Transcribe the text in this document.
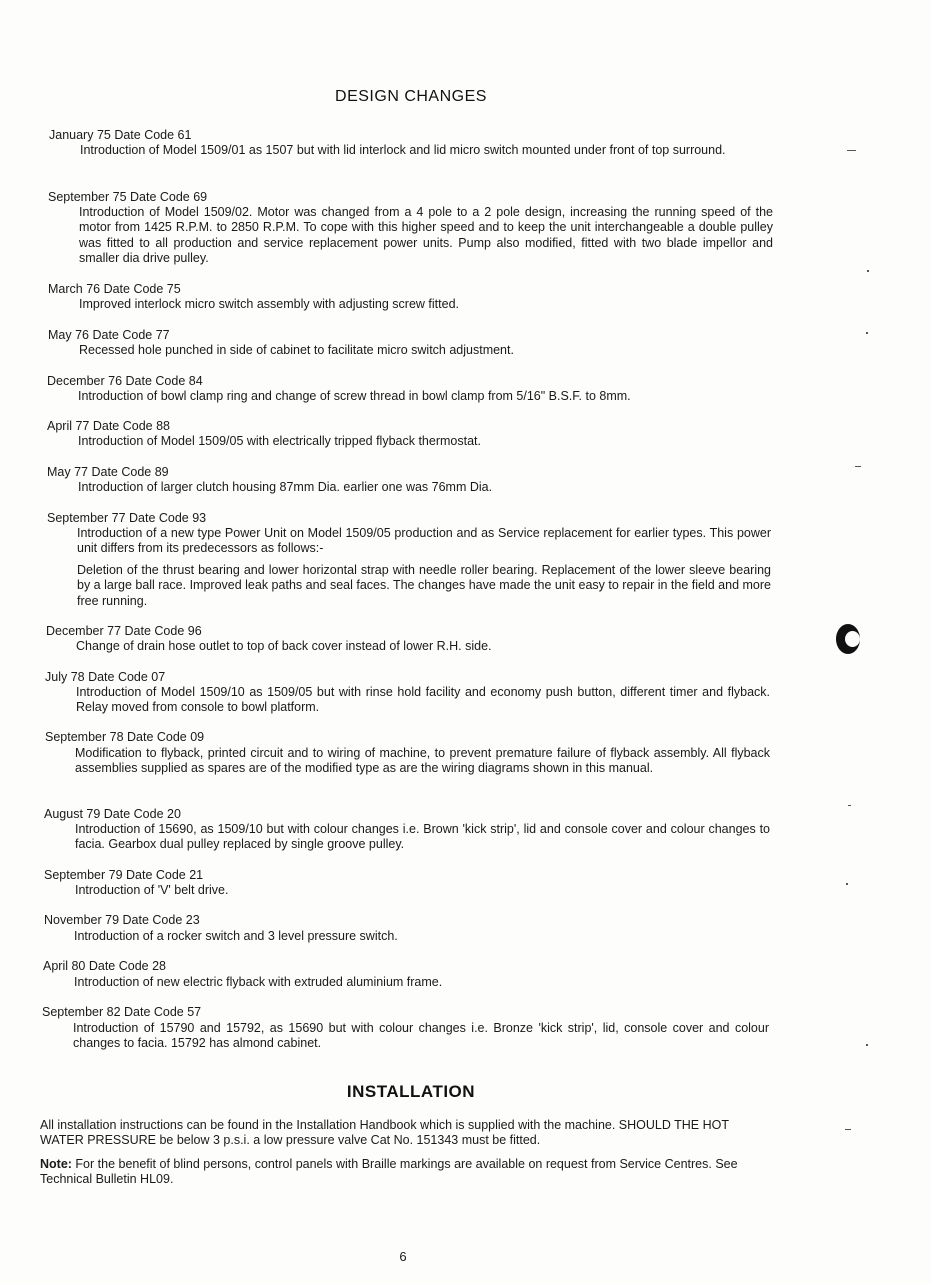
DESIGN CHANGES
January 75 Date Code 61
Introduction of Model 1509/01 as 1507 but with lid interlock and lid micro switch mounted under front of top surround.
September 75 Date Code 69
Introduction of Model 1509/02. Motor was changed from a 4 pole to a 2 pole design, increasing the running speed of the motor from 1425 R.P.M. to 2850 R.P.M. To cope with this higher speed and to keep the unit interchangeable a double pulley was fitted to all production and service replacement power units. Pump also modified, fitted with two blade impellor and smaller dia drive pulley.
March 76 Date Code 75
Improved interlock micro switch assembly with adjusting screw fitted.
May 76 Date Code 77
Recessed hole punched in side of cabinet to facilitate micro switch adjustment.
December 76 Date Code 84
Introduction of bowl clamp ring and change of screw thread in bowl clamp from 5/16" B.S.F. to 8mm.
April 77 Date Code 88
Introduction of Model 1509/05 with electrically tripped flyback thermostat.
May 77 Date Code 89
Introduction of larger clutch housing 87mm Dia. earlier one was 76mm Dia.
September 77 Date Code 93
Introduction of a new type Power Unit on Model 1509/05 production and as Service replacement for earlier types. This power unit differs from its predecessors as follows:-
Deletion of the thrust bearing and lower horizontal strap with needle roller bearing. Replacement of the lower sleeve bearing by a large ball race. Improved leak paths and seal faces. The changes have made the unit easy to repair in the field and more free running.
December 77 Date Code 96
Change of drain hose outlet to top of back cover instead of lower R.H. side.
July 78 Date Code 07
Introduction of Model 1509/10 as 1509/05 but with rinse hold facility and economy push button, different timer and flyback. Relay moved from console to bowl platform.
September 78 Date Code 09
Modification to flyback, printed circuit and to wiring of machine, to prevent premature failure of flyback assembly. All flyback assemblies supplied as spares are of the modified type as are the wiring diagrams shown in this manual.
August 79 Date Code 20
Introduction of 15690, as 1509/10 but with colour changes i.e. Brown 'kick strip', lid and console cover and colour changes to facia. Gearbox dual pulley replaced by single groove pulley.
September 79 Date Code 21
Introduction of 'V' belt drive.
November 79 Date Code 23
Introduction of a rocker switch and 3 level pressure switch.
April 80 Date Code 28
Introduction of new electric flyback with extruded aluminium frame.
September 82 Date Code 57
Introduction of 15790 and 15792, as 15690 but with colour changes i.e. Bronze 'kick strip', lid, console cover and colour changes to facia. 15792 has almond cabinet.
INSTALLATION
All installation instructions can be found in the Installation Handbook which is supplied with the machine. SHOULD THE HOT WATER PRESSURE be below 3 p.s.i. a low pressure valve Cat No. 151343 must be fitted.
Note: For the benefit of blind persons, control panels with Braille markings are available on request from Service Centres. See Technical Bulletin HL09.
6
